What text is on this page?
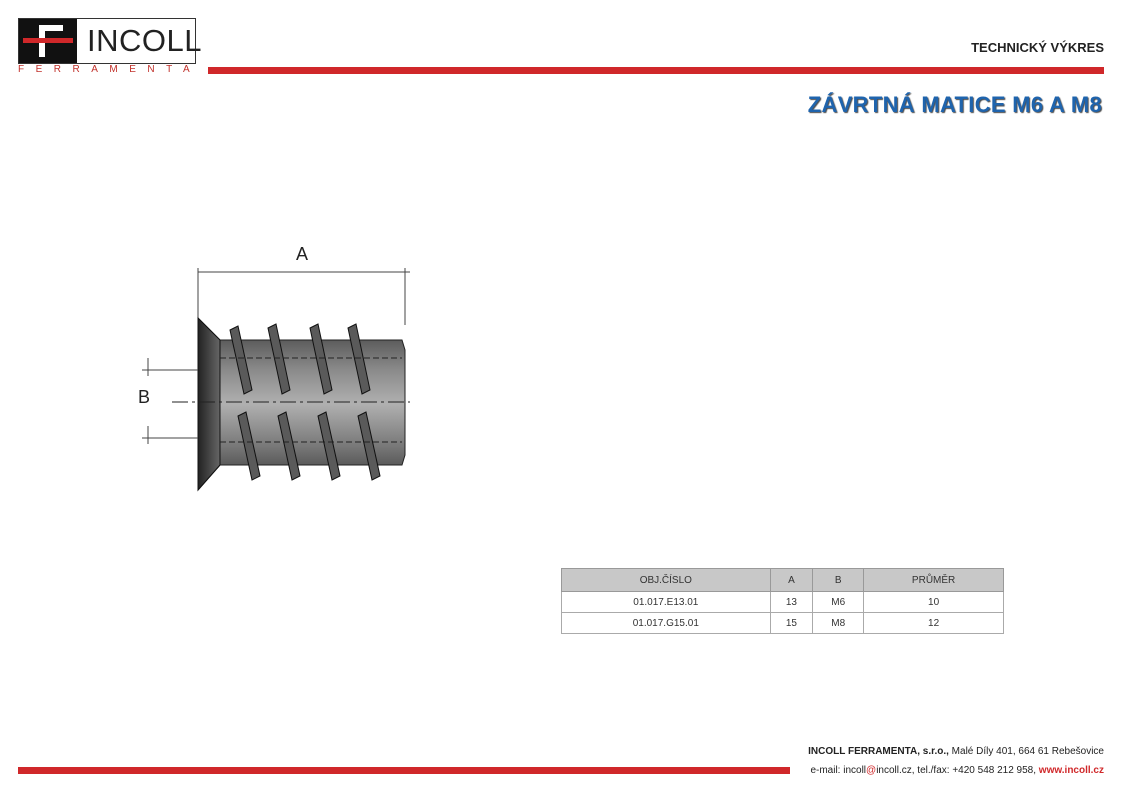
INCOLL
FERRAMENTA
TECHNICKÝ VÝKRES
ZÁVRTNÁ MATICE M6 A M8
A
B
OBJ.ČÍSLO	A	B	PRŮMĚR
01.017.E13.01	13	M6	10
01.017.G15.01	15	M8	12
INCOLL FERRAMENTA, s.r.o., Malé Díly 401, 664 61 Rebešovice
e-mail: incoll@incoll.cz, tel./fax: +420 548 212 958, www.incoll.cz
